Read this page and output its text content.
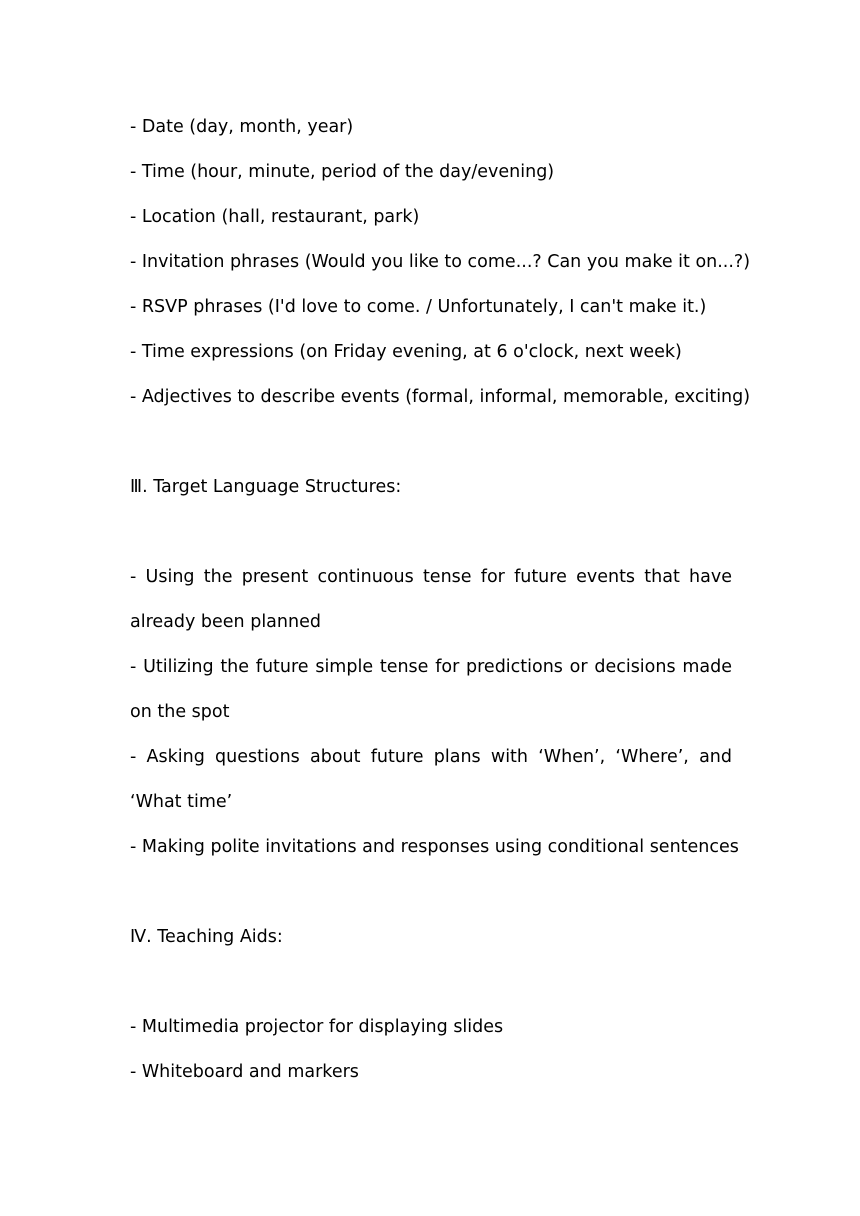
- Date (day, month, year)
- Time (hour, minute, period of the day/evening)
- Location (hall, restaurant, park)
- Invitation phrases (Would you like to come...? Can you make it on...?)
- RSVP phrases (I'd love to come. / Unfortunately, I can't make it.)
- Time expressions (on Friday evening, at 6 o'clock, next week)
- Adjectives to describe events (formal, informal, memorable, exciting)
Ⅲ. Target Language Structures:
- Using the present continuous tense for future events that have already been planned
- Utilizing the future simple tense for predictions or decisions made on the spot
- Asking questions about future plans with ‘When’, ‘Where’, and ‘What time’
- Making polite invitations and responses using conditional sentences
Ⅳ. Teaching Aids:
- Multimedia projector for displaying slides
- Whiteboard and markers
